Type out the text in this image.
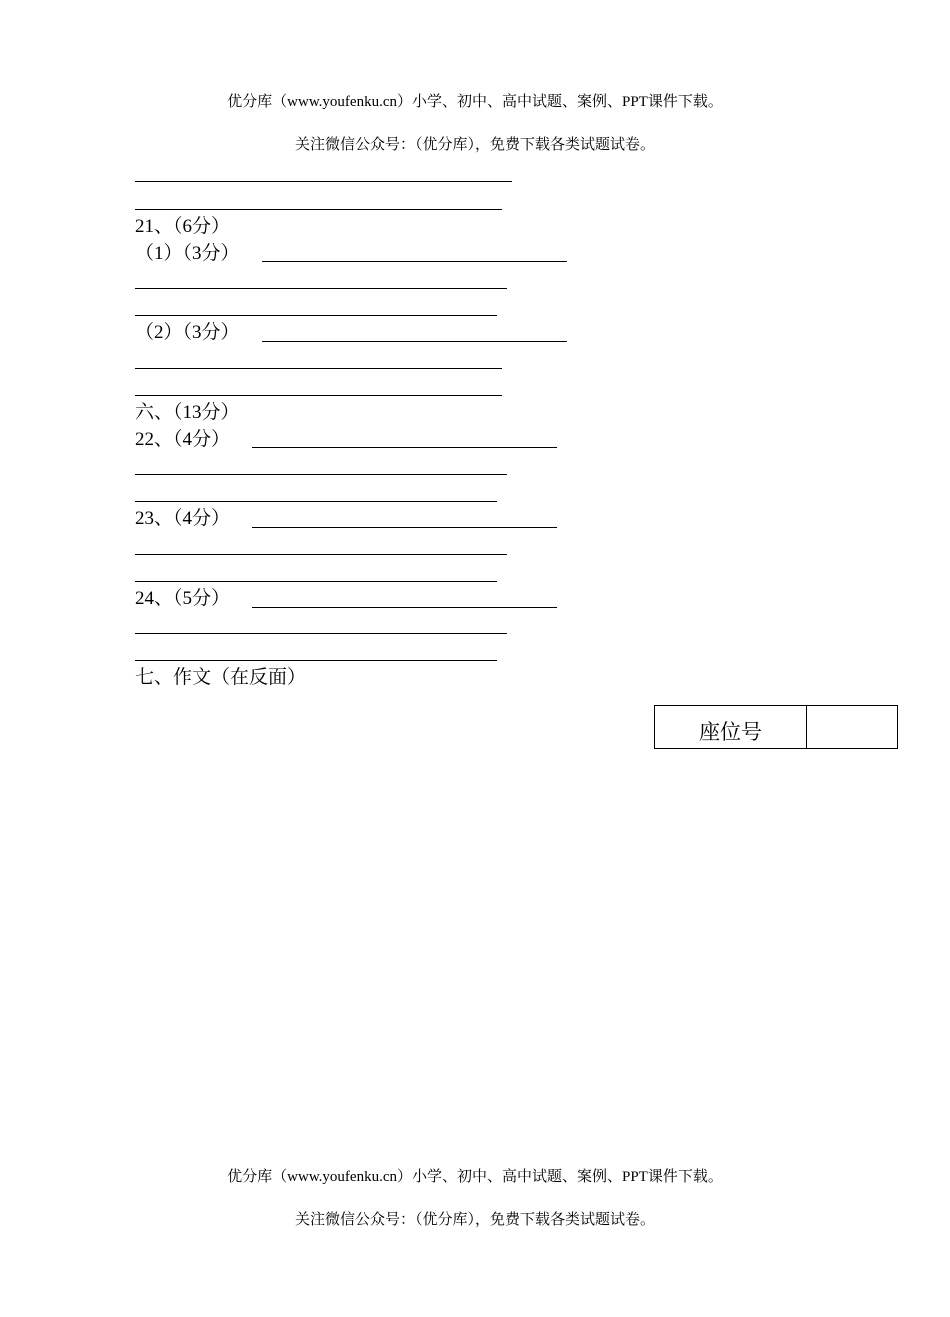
优分库（www.youfenku.cn）小学、初中、高中试题、案例、PPT课件下载。
关注微信公众号：（优分库），免费下载各类试题试卷。
21、（6分）
（1）（3分）
（2）（3分）
六、（13分）
22、（4分）
23、（4分）
24、（5分）
七、作文（在反面）
座位号
优分库（www.youfenku.cn）小学、初中、高中试题、案例、PPT课件下载。
关注微信公众号：（优分库），免费下载各类试题试卷。
